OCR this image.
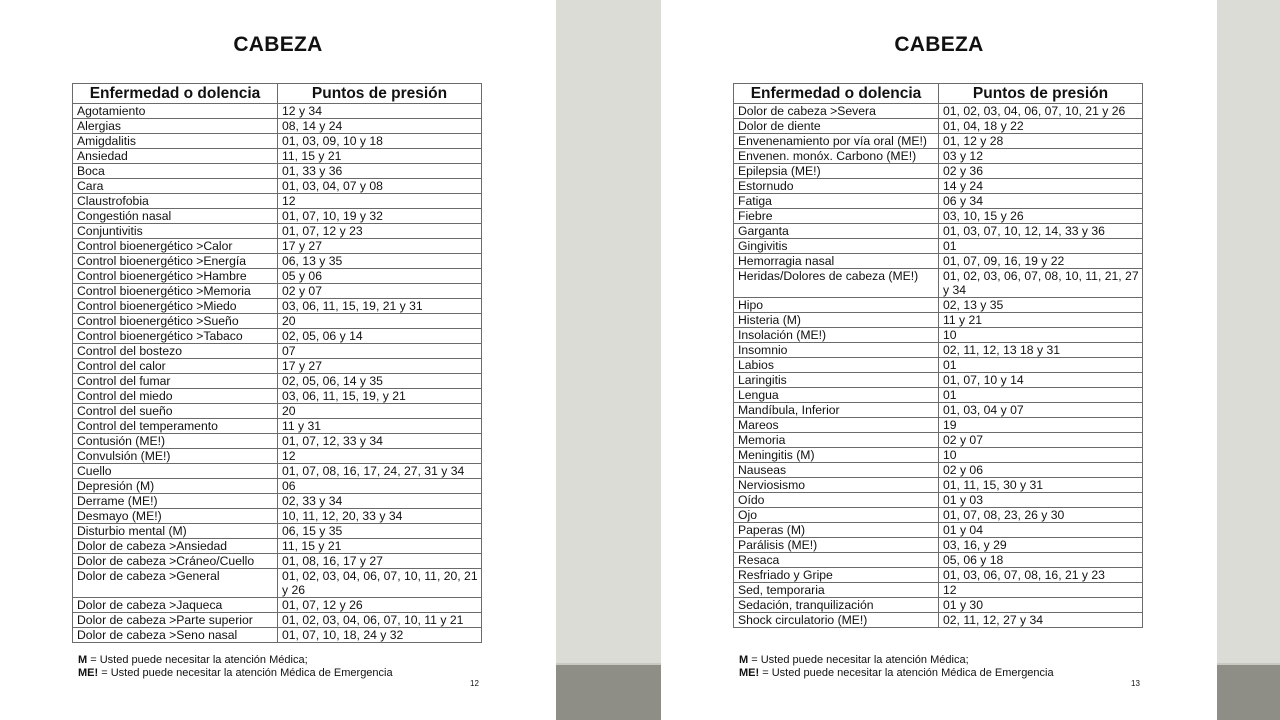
CABEZA
Enfermedad o dolencia	Puntos de presión
Agotamiento	12 y 34
Alergias	08, 14 y 24
Amigdalitis	01, 03, 09, 10 y 18
Ansiedad	11, 15 y 21
Boca	01, 33 y 36
Cara	01, 03, 04, 07 y 08
Claustrofobia	12
Congestión nasal	01, 07, 10, 19 y 32
Conjuntivitis	01, 07, 12 y 23
Control bioenergético >Calor	17 y 27
Control bioenergético >Energía	06, 13 y 35
Control bioenergético >Hambre	05 y 06
Control bioenergético >Memoria	02 y 07
Control bioenergético >Miedo	03, 06, 11, 15, 19, 21 y 31
Control bioenergético >Sueño	20
Control bioenergético >Tabaco	02, 05, 06 y 14
Control del bostezo	07
Control del calor	17 y 27
Control del fumar	02, 05, 06, 14 y 35
Control del miedo	03, 06, 11, 15, 19, y 21
Control del sueño	20
Control del temperamento	11 y 31
Contusión (ME!)	01, 07, 12, 33 y 34
Convulsión (ME!)	12
Cuello	01, 07, 08, 16, 17, 24, 27, 31 y 34
Depresión (M)	06
Derrame (ME!)	02, 33 y 34
Desmayo (ME!)	10, 11, 12, 20, 33 y 34
Disturbio mental (M)	06, 15 y 35
Dolor de cabeza >Ansiedad	11, 15 y 21
Dolor de cabeza >Cráneo/Cuello	01, 08, 16, 17 y 27
Dolor de cabeza >General	01, 02, 03, 04, 06, 07, 10, 11, 20, 21 y 26
Dolor de cabeza >Jaqueca	01, 07, 12 y 26
Dolor de cabeza >Parte superior	01, 02, 03, 04, 06, 07, 10, 11 y 21
Dolor de cabeza >Seno nasal	01, 07, 10, 18, 24 y 32
M = Usted puede necesitar la atención Médica;
ME! = Usted puede necesitar la atención Médica de Emergencia
12
CABEZA
Enfermedad o dolencia	Puntos de presión
Dolor de cabeza >Severa	01, 02, 03, 04, 06, 07, 10, 21 y 26
Dolor de diente	01, 04, 18 y 22
Envenenamiento por vía oral (ME!)	01, 12 y 28
Envenen. monóx. Carbono (ME!)	03 y 12
Epilepsia (ME!)	02 y 36
Estornudo	14 y 24
Fatiga	06 y 34
Fiebre	03, 10, 15 y 26
Garganta	01, 03, 07, 10, 12, 14, 33 y 36
Gingivitis	01
Hemorragia nasal	01, 07, 09, 16, 19 y 22
Heridas/Dolores de cabeza (ME!)	01, 02, 03, 06, 07, 08, 10, 11, 21, 27 y 34
Hipo	02, 13 y 35
Histeria (M)	11 y 21
Insolación (ME!)	10
Insomnio	02, 11, 12, 13 18 y 31
Labios	01
Laringitis	01, 07, 10 y 14
Lengua	01
Mandíbula, Inferior	01, 03, 04 y 07
Mareos	19
Memoria	02 y 07
Meningitis (M)	10
Nauseas	02 y 06
Nerviosismo	01, 11, 15, 30 y 31
Oído	01 y 03
Ojo	01, 07, 08, 23, 26 y 30
Paperas (M)	01 y 04
Parálisis (ME!)	03, 16, y 29
Resaca	05, 06 y 18
Resfriado y Gripe	01, 03, 06, 07, 08, 16, 21 y 23
Sed, temporaria	12
Sedación, tranquilización	01 y 30
Shock circulatorio (ME!)	02, 11, 12, 27 y 34
M = Usted puede necesitar la atención Médica;
ME! = Usted puede necesitar la atención Médica de Emergencia
13
